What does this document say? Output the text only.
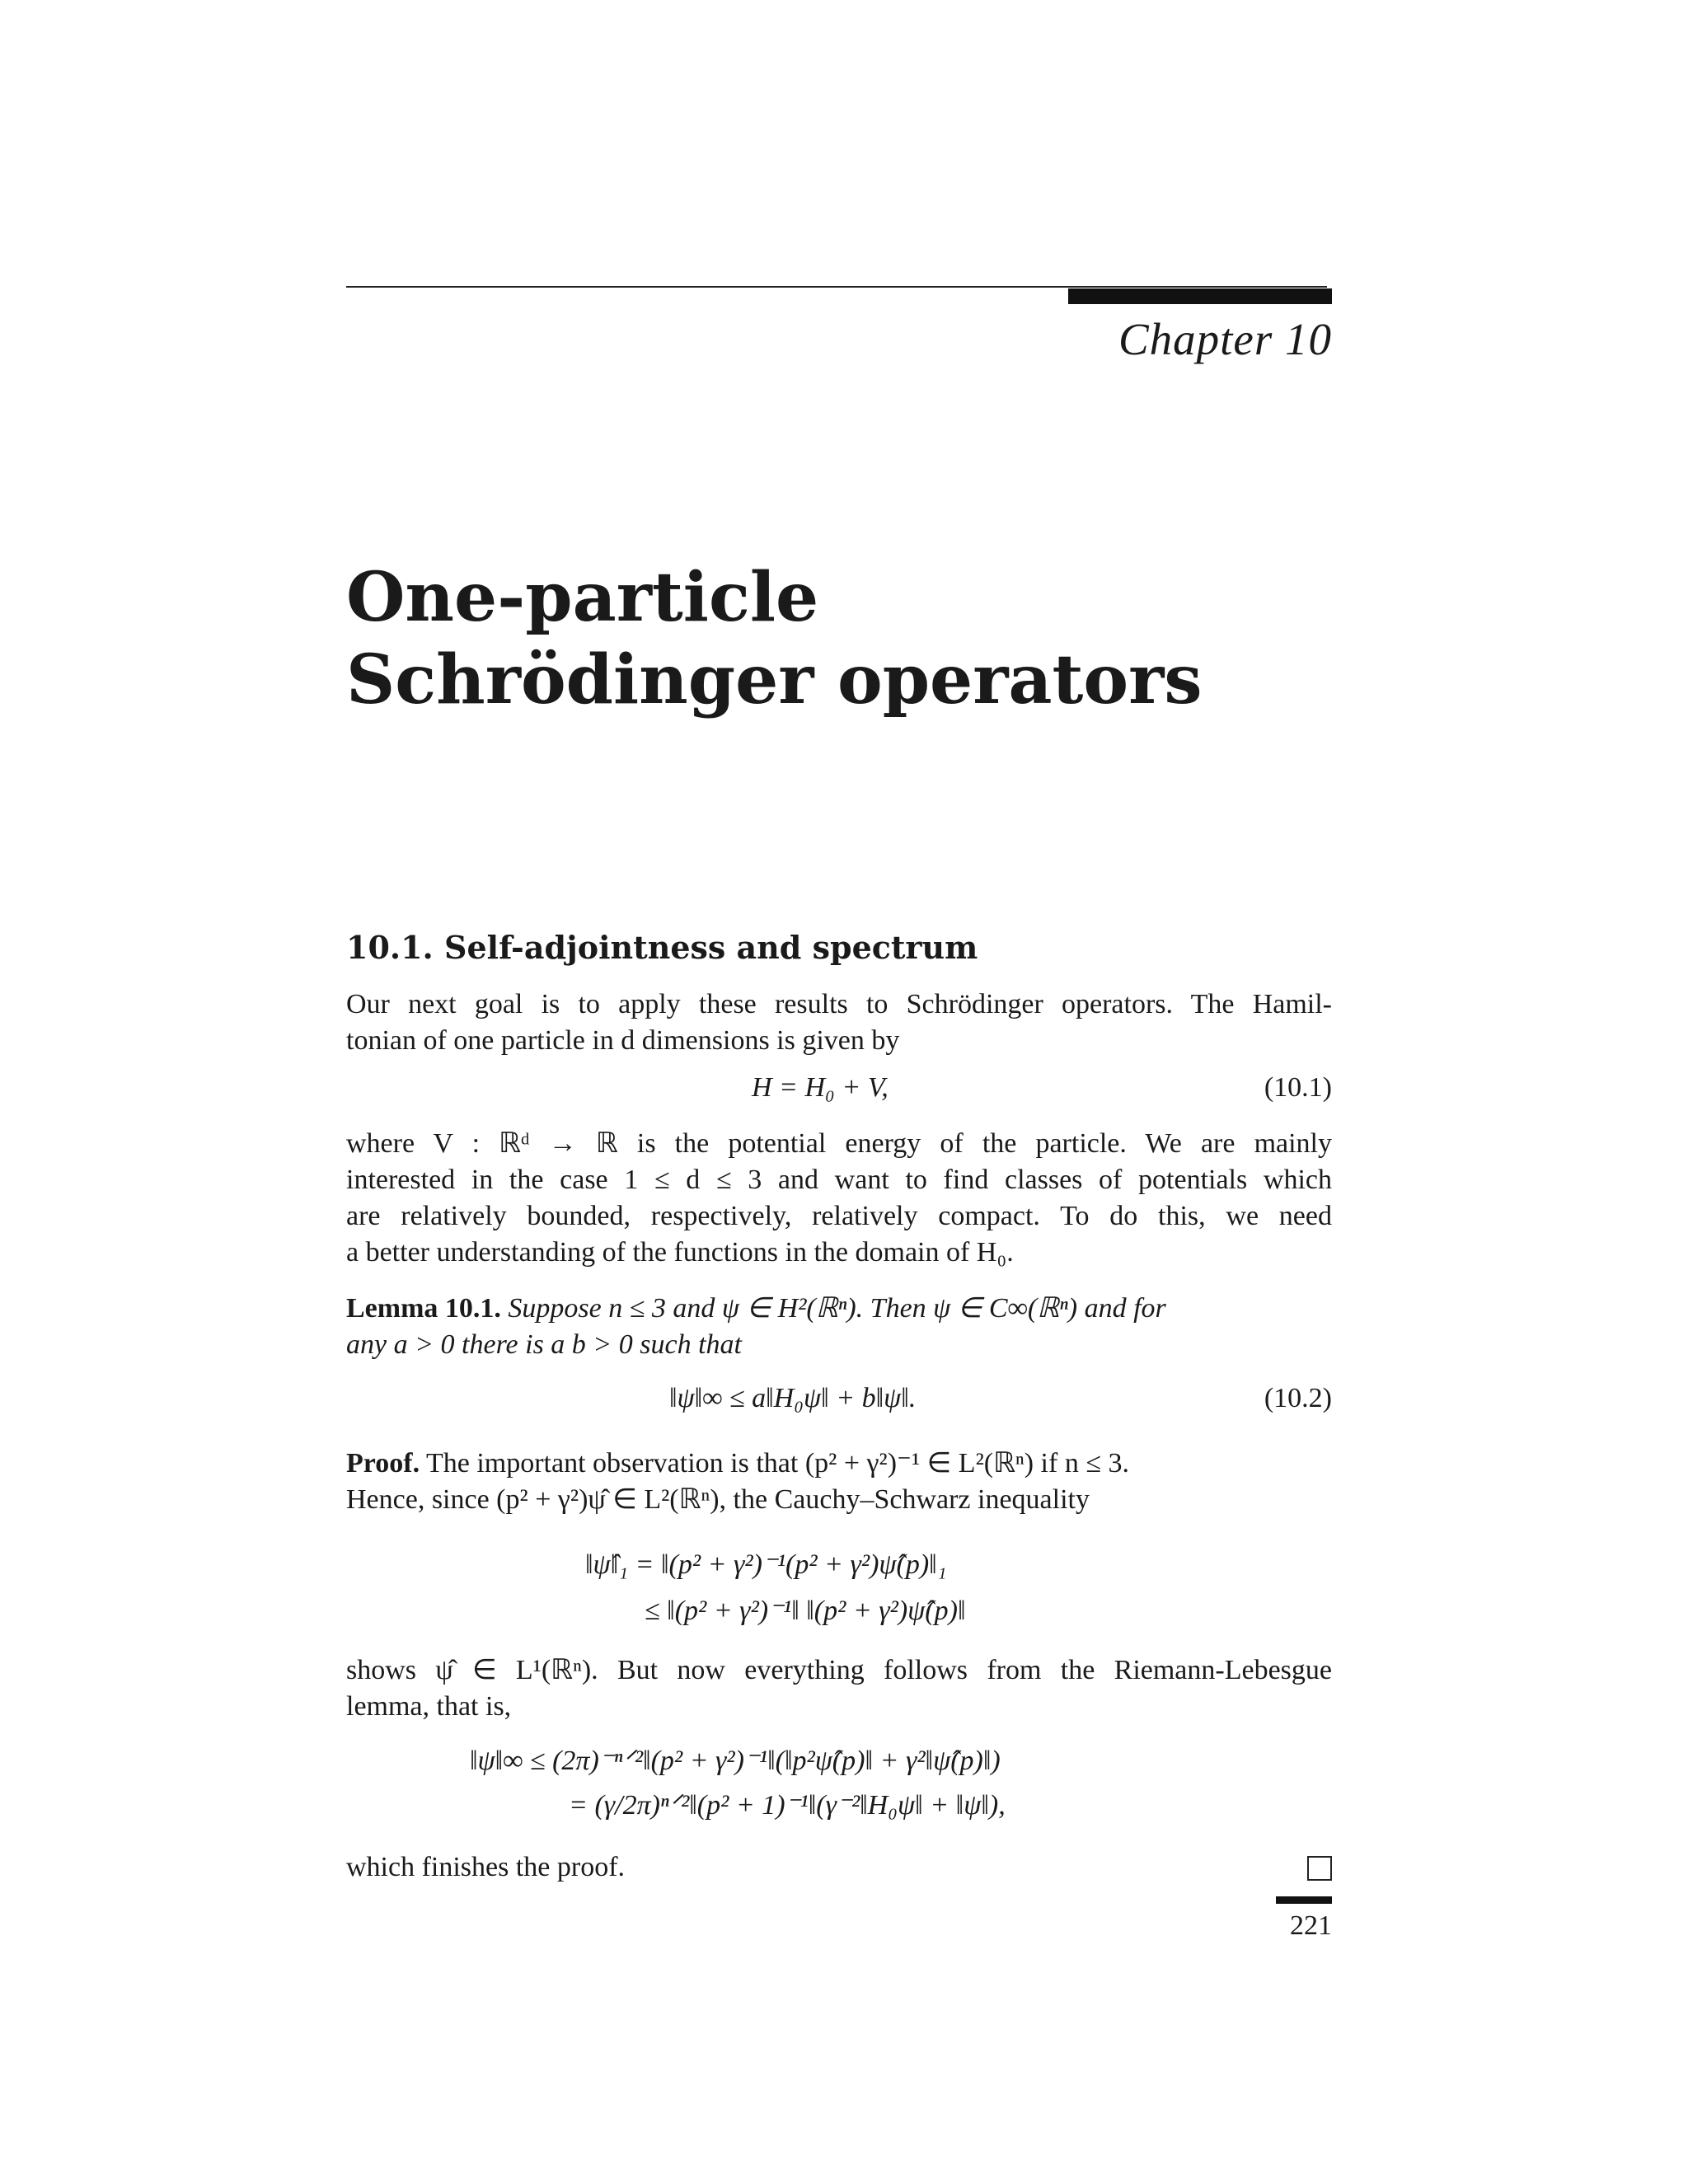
Chapter 10
One-particle
Schrödinger operators
10.1. Self-adjointness and spectrum
Our next goal is to apply these results to Schrödinger operators. The Hamil-
tonian of one particle in d dimensions is given by
H = H₀ + V,	(10.1)
where V : ℝᵈ → ℝ is the potential energy of the particle. We are mainly
interested in the case 1 ≤ d ≤ 3 and want to find classes of potentials which
are relatively bounded, respectively, relatively compact. To do this, we need
a better understanding of the functions in the domain of H₀.
Lemma 10.1. Suppose n ≤ 3 and ψ ∈ H²(ℝⁿ). Then ψ ∈ C∞(ℝⁿ) and for
any a > 0 there is a b > 0 such that
‖ψ‖∞ ≤ a‖H₀ψ‖ + b‖ψ‖.	(10.2)
Proof. The important observation is that (p² + γ²)⁻¹ ∈ L²(ℝⁿ) if n ≤ 3.
Hence, since (p² + γ²)ψ̂ ∈ L²(ℝⁿ), the Cauchy–Schwarz inequality
‖ψ̂‖₁ = ‖(p² + γ²)⁻¹(p² + γ²)ψ̂(p)‖₁
≤ ‖(p² + γ²)⁻¹‖ ‖(p² + γ²)ψ̂(p)‖
shows ψ̂ ∈ L¹(ℝⁿ). But now everything follows from the Riemann-Lebesgue
lemma, that is,
‖ψ‖∞ ≤ (2π)⁻ⁿᐟ²‖(p² + γ²)⁻¹‖(‖p²ψ̂(p)‖ + γ²‖ψ̂(p)‖)
= (γ/2π)ⁿᐟ²‖(p² + 1)⁻¹‖(γ⁻²‖H₀ψ‖ + ‖ψ‖),
which finishes the proof.
221
